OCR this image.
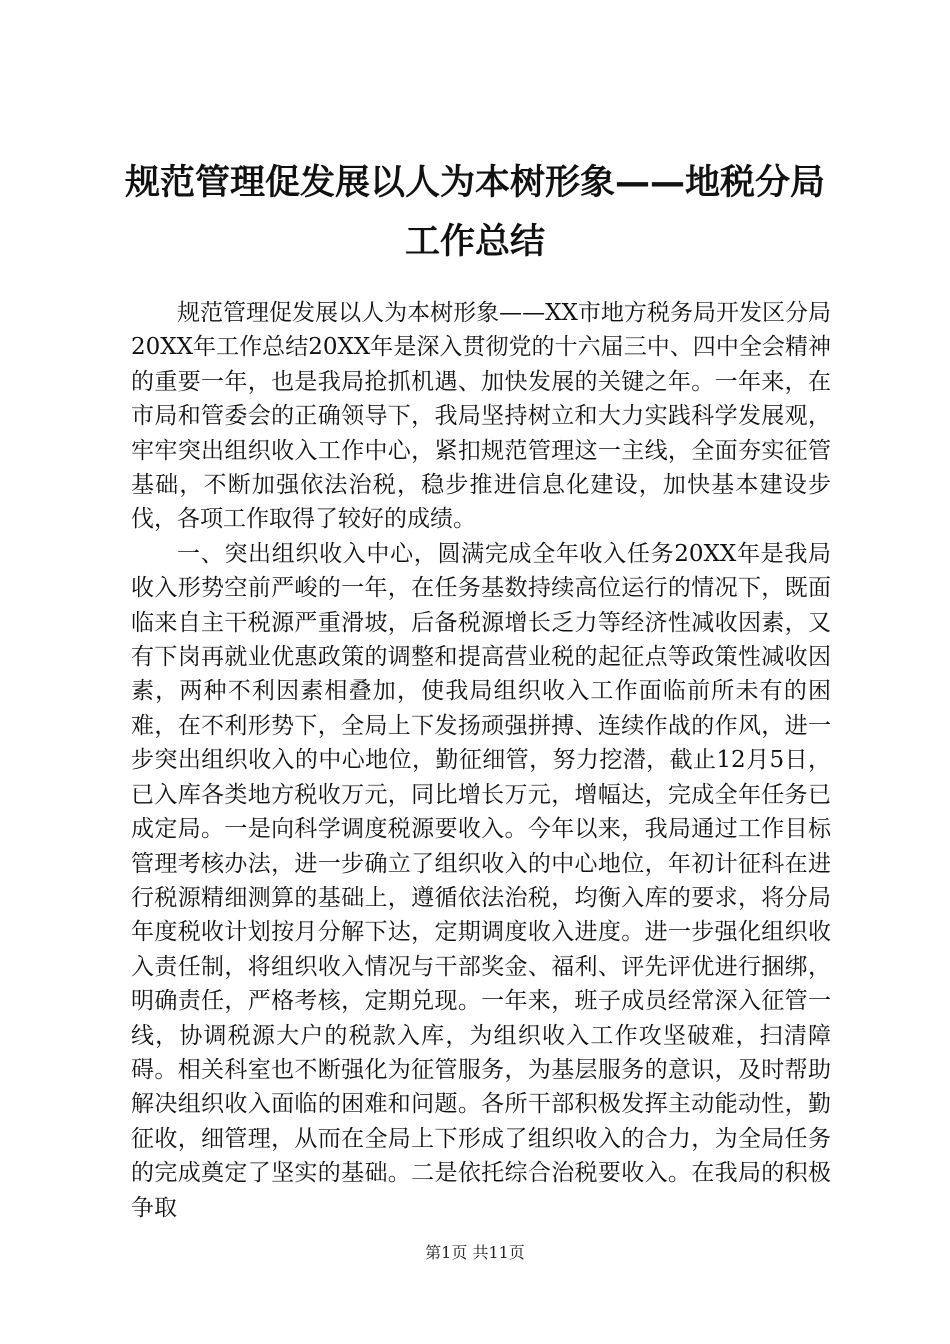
规范管理促发展以人为本树形象——地税分局
工作总结

规范管理促发展以人为本树形象——XX市地方税务局开发区分局20XX年工作总结20XX年是深入贯彻党的十六届三中、四中全会精神的重要一年，也是我局抢抓机遇、加快发展的关键之年。一年来，在市局和管委会的正确领导下，我局坚持树立和大力实践科学发展观，牢牢突出组织收入工作中心，紧扣规范管理这一主线，全面夯实征管基础，不断加强依法治税，稳步推进信息化建设，加快基本建设步伐，各项工作取得了较好的成绩。

一、突出组织收入中心，圆满完成全年收入任务20XX年是我局收入形势空前严峻的一年，在任务基数持续高位运行的情况下，既面临来自主干税源严重滑坡，后备税源增长乏力等经济性减收因素，又有下岗再就业优惠政策的调整和提高营业税的起征点等政策性减收因素，两种不利因素相叠加，使我局组织收入工作面临前所未有的困难，在不利形势下，全局上下发扬顽强拼搏、连续作战的作风，进一步突出组织收入的中心地位，勤征细管，努力挖潜，截止12月5日，已入库各类地方税收万元，同比增长万元，增幅达，完成全年任务已成定局。一是向科学调度税源要收入。今年以来，我局通过工作目标管理考核办法，进一步确立了组织收入的中心地位，年初计征科在进行税源精细测算的基础上，遵循依法治税，均衡入库的要求，将分局年度税收计划按月分解下达，定期调度收入进度。进一步强化组织收入责任制，将组织收入情况与干部奖金、福利、评先评优进行捆绑，明确责任，严格考核，定期兑现。一年来，班子成员经常深入征管一线，协调税源大户的税款入库，为组织收入工作攻坚破难，扫清障碍。相关科室也不断强化为征管服务，为基层服务的意识，及时帮助解决组织收入面临的困难和问题。各所干部积极发挥主动能动性，勤征收，细管理，从而在全局上下形成了组织收入的合力，为全局任务的完成奠定了坚实的基础。二是依托综合治税要收入。在我局的积极争取

第1页 共11页
